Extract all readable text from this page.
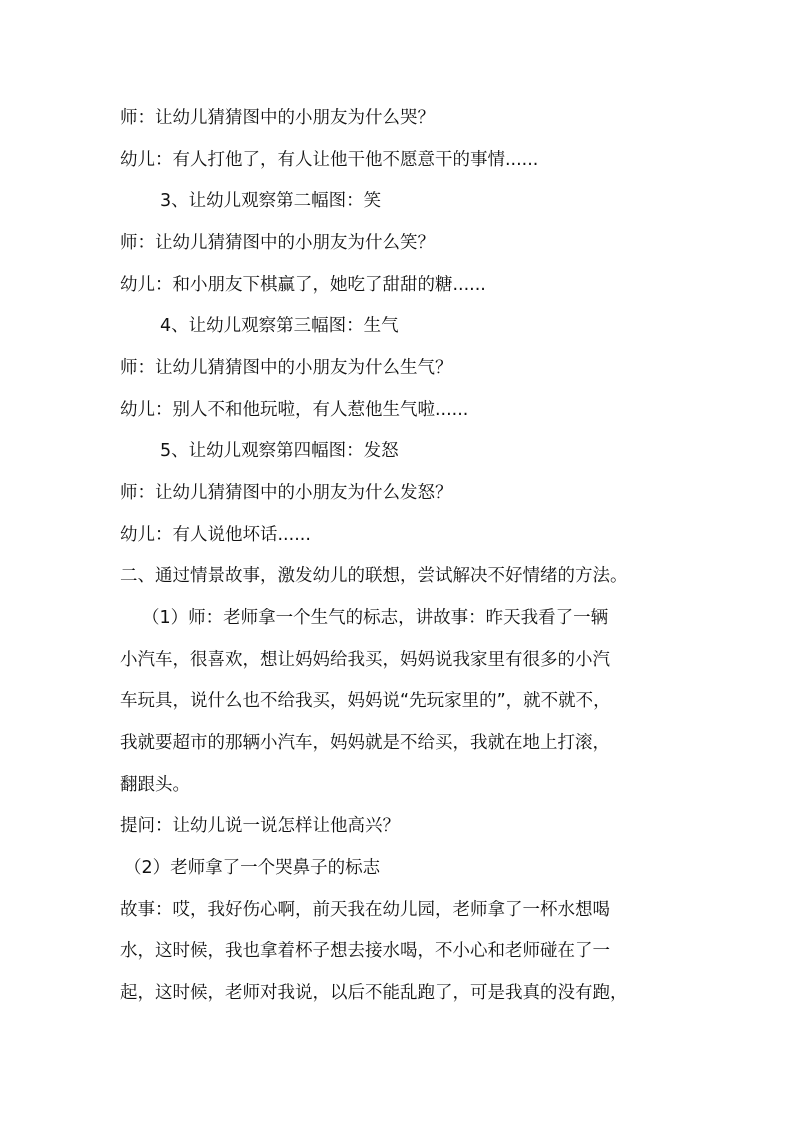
师：让幼儿猜猜图中的小朋友为什么哭？
幼儿：有人打他了，有人让他干他不愿意干的事情......
3、让幼儿观察第二幅图：笑
师：让幼儿猜猜图中的小朋友为什么笑？
幼儿：和小朋友下棋赢了，她吃了甜甜的糖......
4、让幼儿观察第三幅图：生气
师：让幼儿猜猜图中的小朋友为什么生气？
幼儿：别人不和他玩啦，有人惹他生气啦......
5、让幼儿观察第四幅图：发怒
师：让幼儿猜猜图中的小朋友为什么发怒？
幼儿：有人说他坏话......
二、通过情景故事，激发幼儿的联想，尝试解决不好情绪的方法。
（1）师：老师拿一个生气的标志，讲故事：昨天我看了一辆
小汽车，很喜欢，想让妈妈给我买，妈妈说我家里有很多的小汽
车玩具，说什么也不给我买，妈妈说“先玩家里的”，就不就不，
我就要超市的那辆小汽车，妈妈就是不给买，我就在地上打滚，
翻跟头。
提问：让幼儿说一说怎样让他高兴？
（2）老师拿了一个哭鼻子的标志
故事：哎，我好伤心啊，前天我在幼儿园，老师拿了一杯水想喝
水，这时候，我也拿着杯子想去接水喝，不小心和老师碰在了一
起，这时候，老师对我说，以后不能乱跑了，可是我真的没有跑，
